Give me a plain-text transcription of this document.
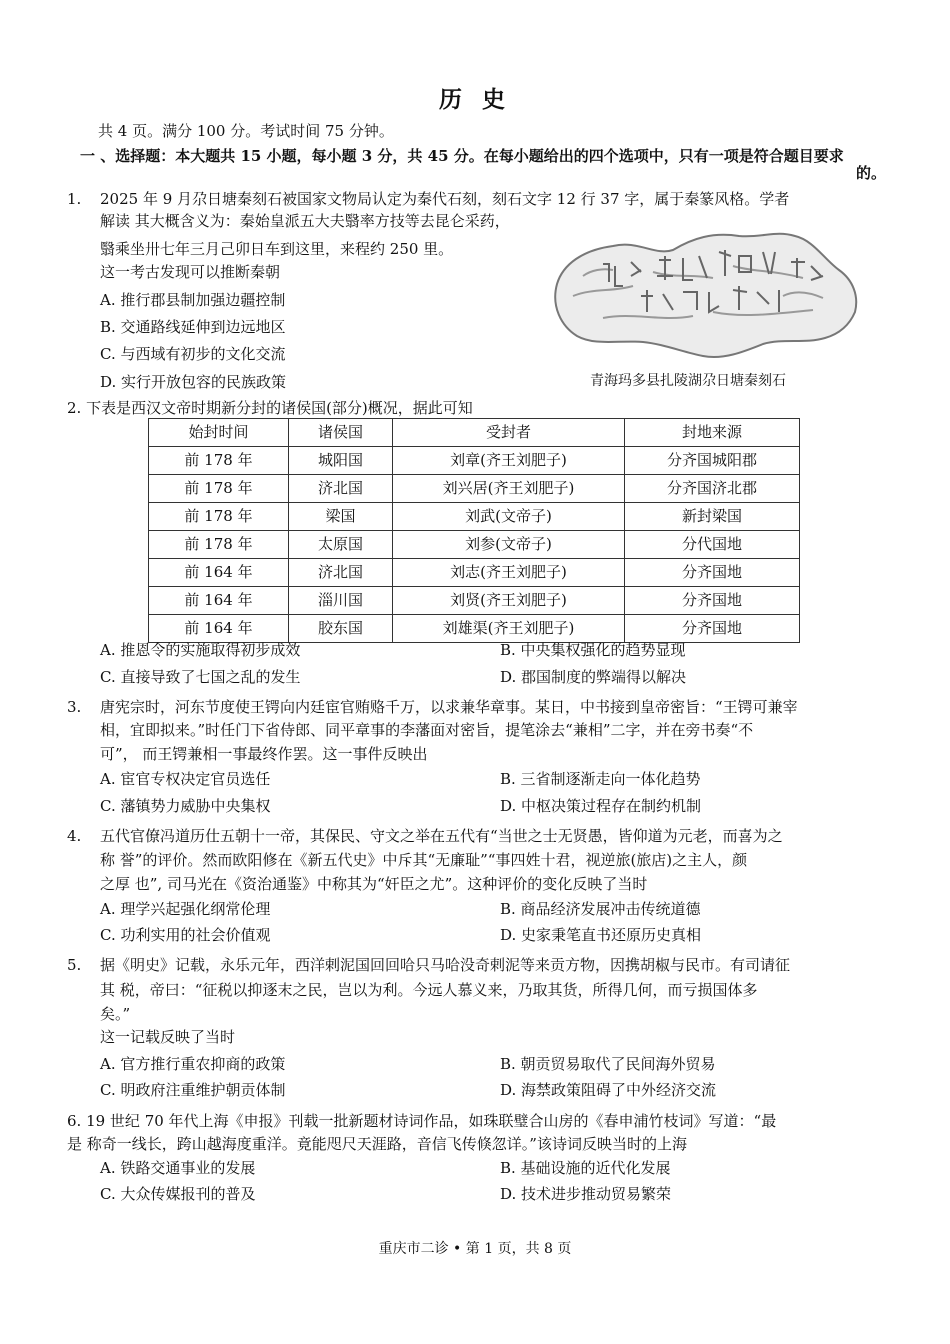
历 史
共 4 页。满分 100 分。考试时间 75 分钟。
一 、选择题：本大题共 15 小题，每小题 3 分，共 45 分。在每小题给出的四个选项中，只有一项是符合题目要求
的。
1. 2025 年 9 月尕日塘秦刻石被国家文物局认定为秦代石刻，刻石文字 12 行 37 字，属于秦篆风格。学者
解读 其大概含义为：秦始皇派五大夫翳率方技等去昆仑采药，
翳乘坐卅七年三月己卯日车到这里，来程约 250 里。
这一考古发现可以推断秦朝
A. 推行郡县制加强边疆控制
B. 交通路线延伸到边远地区
C. 与西域有初步的文化交流
D. 实行开放包容的民族政策	青海玛多县扎陵湖尕日塘秦刻石
2. 下表是西汉文帝时期新分封的诸侯国(部分)概况，据此可知
始封时间	诸侯国	受封者	封地来源
前 178 年	城阳国	刘章(齐王刘肥子)	分齐国城阳郡
前 178 年	济北国	刘兴居(齐王刘肥子)	分齐国济北郡
前 178 年	梁国	刘武(文帝子)	新封梁国
前 178 年	太原国	刘参(文帝子)	分代国地
前 164 年	济北国	刘志(齐王刘肥子)	分齐国地
前 164 年	淄川国	刘贤(齐王刘肥子)	分齐国地
前 164 年	胶东国	刘雄渠(齐王刘肥子)	分齐国地
A. 推恩令的实施取得初步成效	B. 中央集权强化的趋势显现
C. 直接导致了七国之乱的发生	D. 郡国制度的弊端得以解决
3. 唐宪宗时，河东节度使王锷向内廷宦官贿赂千万，以求兼华章事。某日，中书接到皇帝密旨：“王锷可兼宰
相，宜即拟来。”时任门下省侍郎、同平章事的李藩面对密旨，提笔涂去“兼相”二字，并在旁书奏“不
可”， 而王锷兼相一事最终作罢。这一事件反映出
A. 宦官专权决定官员选任	B. 三省制逐渐走向一体化趋势
C. 藩镇势力威胁中央集权	D. 中枢决策过程存在制约机制
4. 五代官僚冯道历仕五朝十一帝，其保民、守文之举在五代有“当世之士无贤愚，皆仰道为元老，而喜为之
称 誉”的评价。然而欧阳修在《新五代史》中斥其“无廉耻”“事四姓十君，视逆旅(旅店)之主人，颜
之厚 也”, 司马光在《资治通鉴》中称其为“奸臣之尤”。这种评价的变化反映了当时
A. 理学兴起强化纲常伦理	B. 商品经济发展冲击传统道德
C. 功利实用的社会价值观	D. 史家秉笔直书还原历史真相
5. 据《明史》记载，永乐元年，西洋剌泥国回回哈只马哈没奇剌泥等来贡方物，因携胡椒与民市。有司请征
其 税，帝曰：“征税以抑逐末之民，岂以为利。今远人慕义来，乃取其货，所得几何，而亏损国体多
矣。”
这一记载反映了当时
A. 官方推行重农抑商的政策	B. 朝贡贸易取代了民间海外贸易
C. 明政府注重维护朝贡体制	D. 海禁政策阻碍了中外经济交流
6. 19 世纪 70 年代上海《申报》刊载一批新题材诗词作品，如珠联璧合山房的《春申浦竹枝词》写道：“最
是 称奇一线长，跨山越海度重洋。竟能咫尺天涯路，音信飞传倏忽详。”该诗词反映当时的上海
A. 铁路交通事业的发展	B. 基础设施的近代化发展
C. 大众传媒报刊的普及	D. 技术进步推动贸易繁荣
重庆市二诊 • 第 1 页，共 8 页
